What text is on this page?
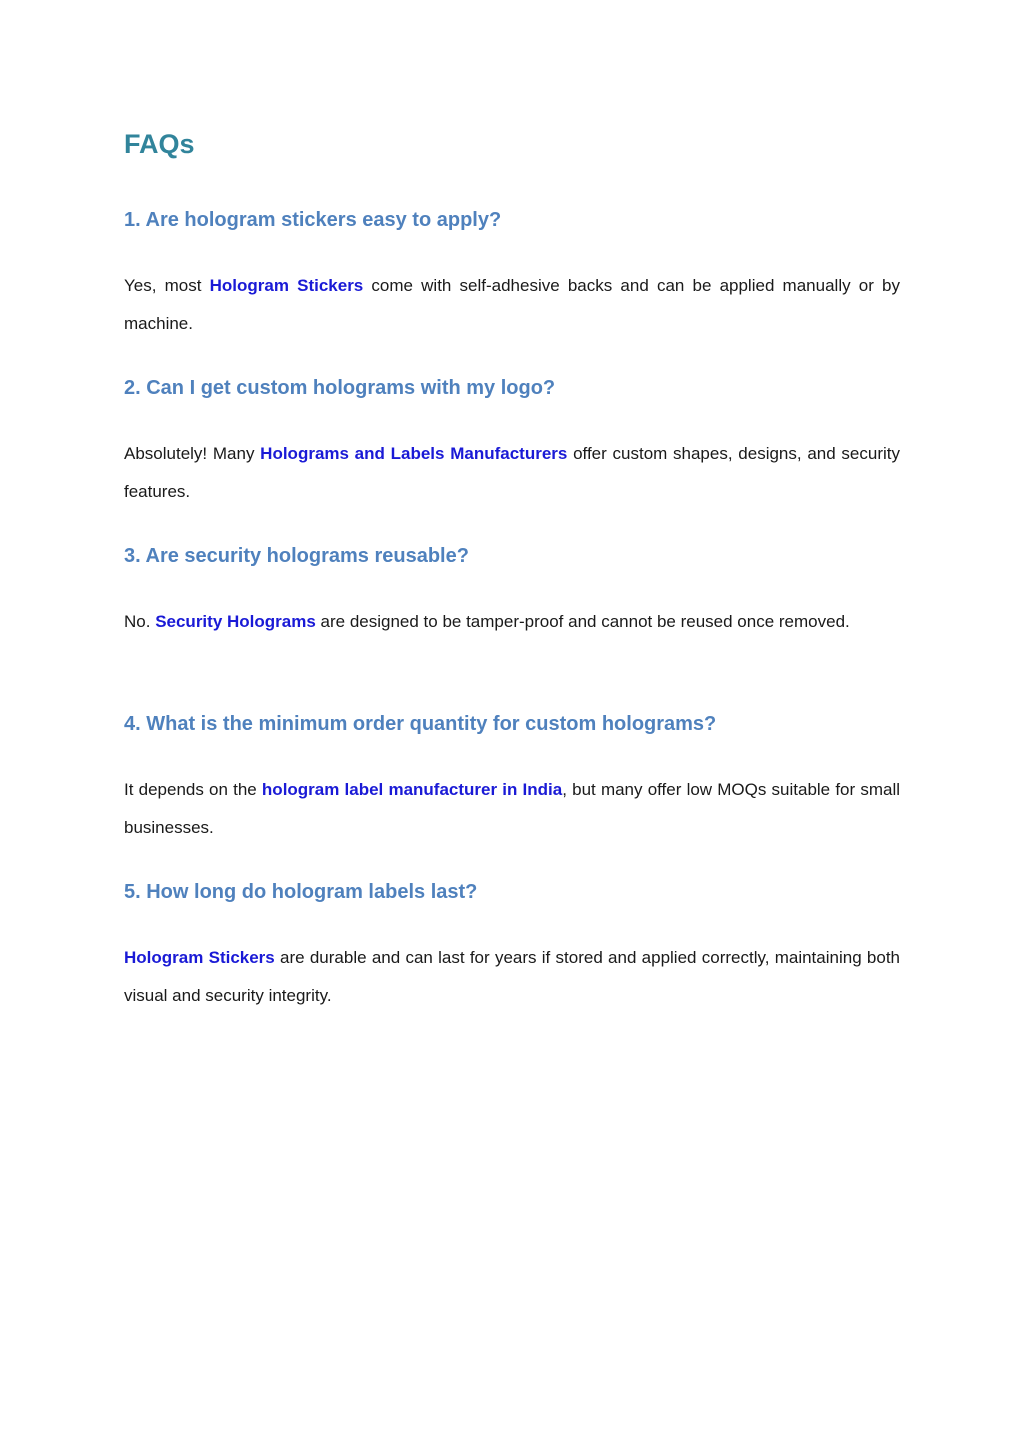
FAQs
1. Are hologram stickers easy to apply?

Yes, most Hologram Stickers come with self-adhesive backs and can be applied manually or by machine.

2. Can I get custom holograms with my logo?

Absolutely! Many Holograms and Labels Manufacturers offer custom shapes, designs, and security features.

3. Are security holograms reusable?

No. Security Holograms are designed to be tamper-proof and cannot be reused once removed.

4. What is the minimum order quantity for custom holograms?

It depends on the hologram label manufacturer in India, but many offer low MOQs suitable for small businesses.

5. How long do hologram labels last?

Hologram Stickers are durable and can last for years if stored and applied correctly, maintaining both visual and security integrity.
